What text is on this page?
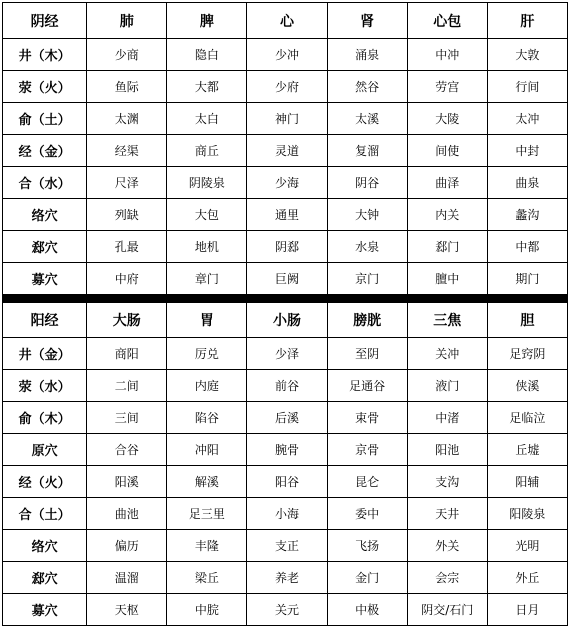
阴经	肺	脾	心	肾	心包	肝
井（木）	少商	隐白	少冲	涌泉	中冲	大敦
荥（火）	鱼际	大都	少府	然谷	劳宫	行间
俞（土）	太渊	太白	神门	太溪	大陵	太冲
经（金）	经渠	商丘	灵道	复溜	间使	中封
合（水）	尺泽	阴陵泉	少海	阴谷	曲泽	曲泉
络穴	列缺	大包	通里	大钟	内关	蠡沟
郄穴	孔最	地机	阴郄	水泉	郄门	中都
募穴	中府	章门	巨阙	京门	膻中	期门
阳经	大肠	胃	小肠	膀胱	三焦	胆
井（金）	商阳	厉兑	少泽	至阴	关冲	足窍阴
荥（水）	二间	内庭	前谷	足通谷	液门	侠溪
俞（木）	三间	陷谷	后溪	束骨	中渚	足临泣
原穴	合谷	冲阳	腕骨	京骨	阳池	丘墟
经（火）	阳溪	解溪	阳谷	昆仑	支沟	阳辅
合（土）	曲池	足三里	小海	委中	天井	阳陵泉
络穴	偏历	丰隆	支正	飞扬	外关	光明
郄穴	温溜	梁丘	养老	金门	会宗	外丘
募穴	天枢	中脘	关元	中极	阴交/石门	日月
